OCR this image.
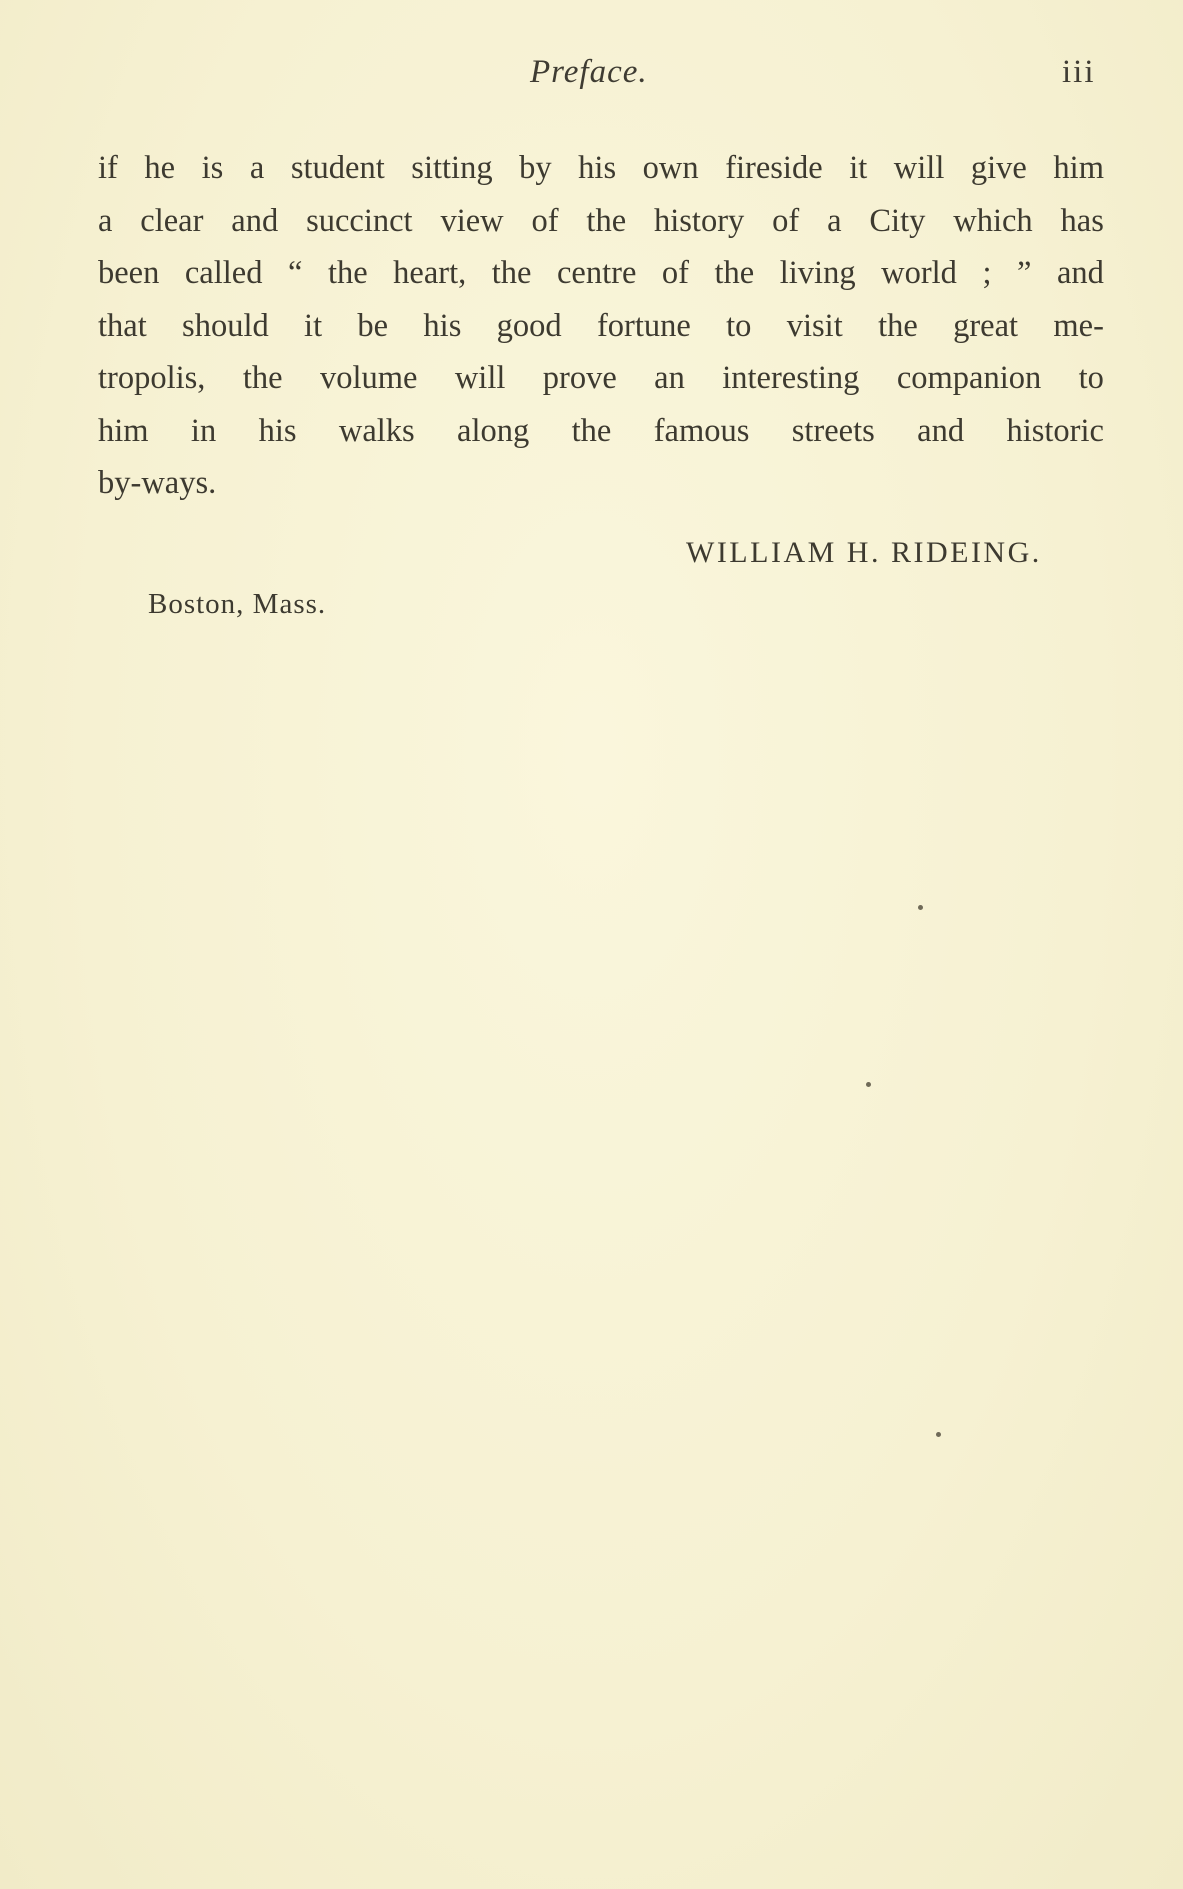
Preface.	iii
if he is a student sitting by his own fireside it will give him
a clear and succinct view of the history of a City which has
been called “ the heart, the centre of the living world ; ” and
that should it be his good fortune to visit the great me-
tropolis, the volume will prove an interesting companion to
him in his walks along the famous streets and historic
by-ways.
WILLIAM H. RIDEING.
Boston, Mass.
